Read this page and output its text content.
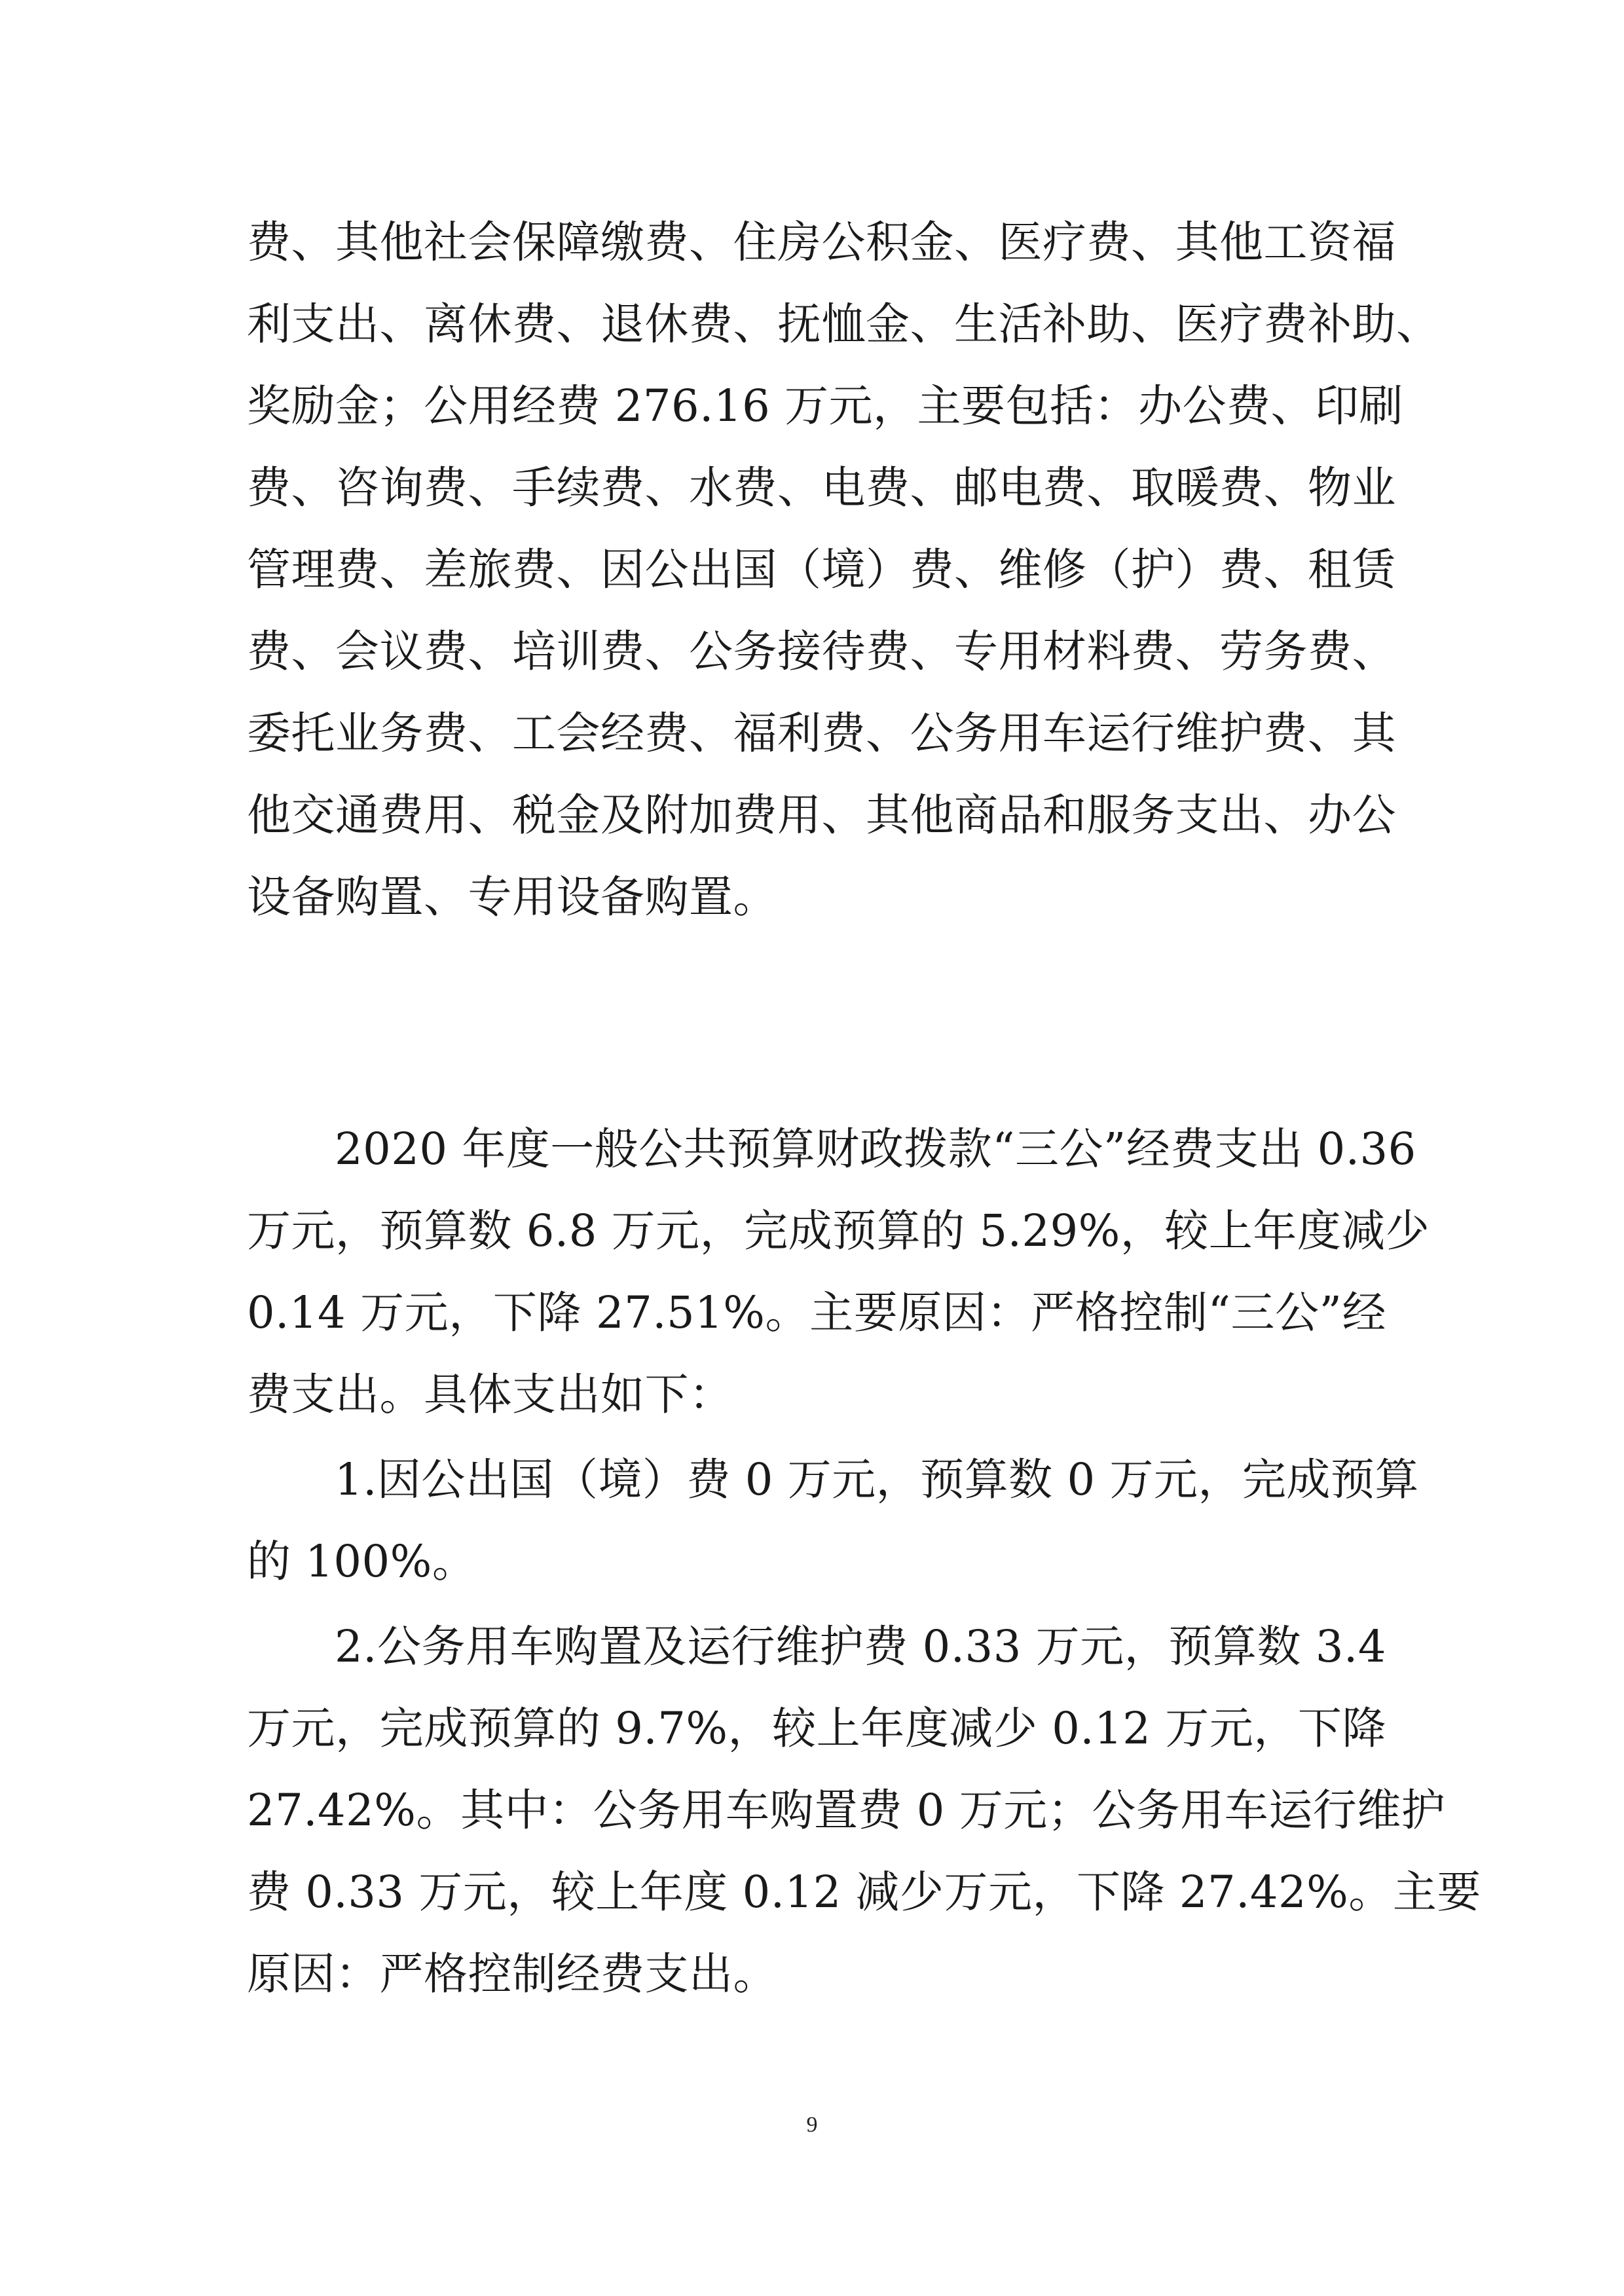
费、其他社会保障缴费、住房公积金、医疗费、其他工资福
利支出、离休费、退休费、抚恤金、生活补助、医疗费补助、
奖励金；公用经费 276.16 万元，主要包括：办公费、印刷
费、咨询费、手续费、水费、电费、邮电费、取暖费、物业
管理费、差旅费、因公出国（境）费、维修（护）费、租赁
费、会议费、培训费、公务接待费、专用材料费、劳务费、
委托业务费、工会经费、福利费、公务用车运行维护费、其
他交通费用、税金及附加费用、其他商品和服务支出、办公
设备购置、专用设备购置。
2020 年度一般公共预算财政拨款“三公”经费支出 0.36
万元，预算数 6.8 万元，完成预算的 5.29%，较上年度减少
0.14 万元，下降 27.51%。主要原因：严格控制“三公”经
费支出。具体支出如下：
1.因公出国（境）费 0 万元，预算数 0 万元，完成预算
的 100%。
2.公务用车购置及运行维护费 0.33 万元，预算数 3.4
万元，完成预算的 9.7%，较上年度减少 0.12 万元，下降
27.42%。其中：公务用车购置费 0 万元；公务用车运行维护
费 0.33 万元，较上年度 0.12 减少万元，下降 27.42%。主要
原因：严格控制经费支出。
9
